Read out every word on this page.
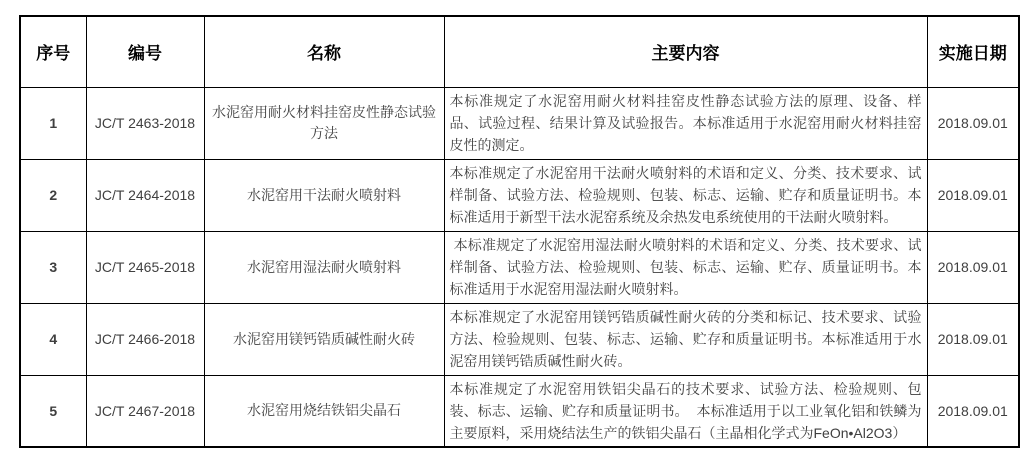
序号	编号	名称	主要内容	实施日期
1	JC/T 2463-2018	水泥窑用耐火材料挂窑皮性静态试验方法	本标准规定了水泥窑用耐火材料挂窑皮性静态试验方法的原理、设备、样品、试验过程、结果计算及试验报告。本标准适用于水泥窑用耐火材料挂窑皮性的测定。	2018.09.01
2	JC/T 2464-2018	水泥窑用干法耐火喷射料	本标准规定了水泥窑用干法耐火喷射料的术语和定义、分类、技术要求、试样制备、试验方法、检验规则、包装、标志、运输、贮存和质量证明书。本标准适用于新型干法水泥窑系统及余热发电系统使用的干法耐火喷射料。	2018.09.01
3	JC/T 2465-2018	水泥窑用湿法耐火喷射料	本标准规定了水泥窑用湿法耐火喷射料的术语和定义、分类、技术要求、试样制备、试验方法、检验规则、包装、标志、运输、贮存、质量证明书。本标准适用于水泥窑用湿法耐火喷射料。	2018.09.01
4	JC/T 2466-2018	水泥窑用镁钙锆质碱性耐火砖	本标准规定了水泥窑用镁钙锆质碱性耐火砖的分类和标记、技术要求、试验方法、检验规则、包装、标志、运输、贮存和质量证明书。本标准适用于水泥窑用镁钙锆质碱性耐火砖。	2018.09.01
5	JC/T 2467-2018	水泥窑用烧结铁铝尖晶石	本标准规定了水泥窑用铁铝尖晶石的技术要求、试验方法、检验规则、包装、标志、运输、贮存和质量证明书。  本标准适用于以工业氧化铝和铁鳞为主要原料，采用烧结法生产的铁铝尖晶石（主晶相化学式为FeOn•Al2O3）	2018.09.01
